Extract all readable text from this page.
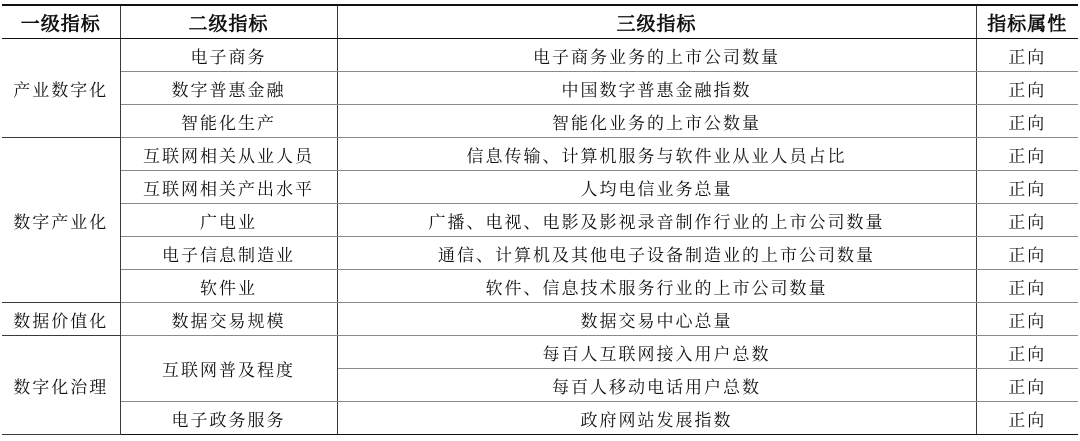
一级指标	二级指标	三级指标	指标属性
产业数字化	电子商务	电子商务业务的上市公司数量	正向
	数字普惠金融	中国数字普惠金融指数	正向
	智能化生产	智能化业务的上市公数量	正向
数字产业化	互联网相关从业人员	信息传输、计算机服务与软件业从业人员占比	正向
	互联网相关产出水平	人均电信业务总量	正向
	广电业	广播、电视、电影及影视录音制作行业的上市公司数量	正向
	电子信息制造业	通信、计算机及其他电子设备制造业的上市公司数量	正向
	软件业	软件、信息技术服务行业的上市公司数量	正向
数据价值化	数据交易规模	数据交易中心总量	正向
数字化治理	互联网普及程度	每百人互联网接入用户总数	正向
		每百人移动电话用户总数	正向
	电子政务服务	政府网站发展指数	正向
